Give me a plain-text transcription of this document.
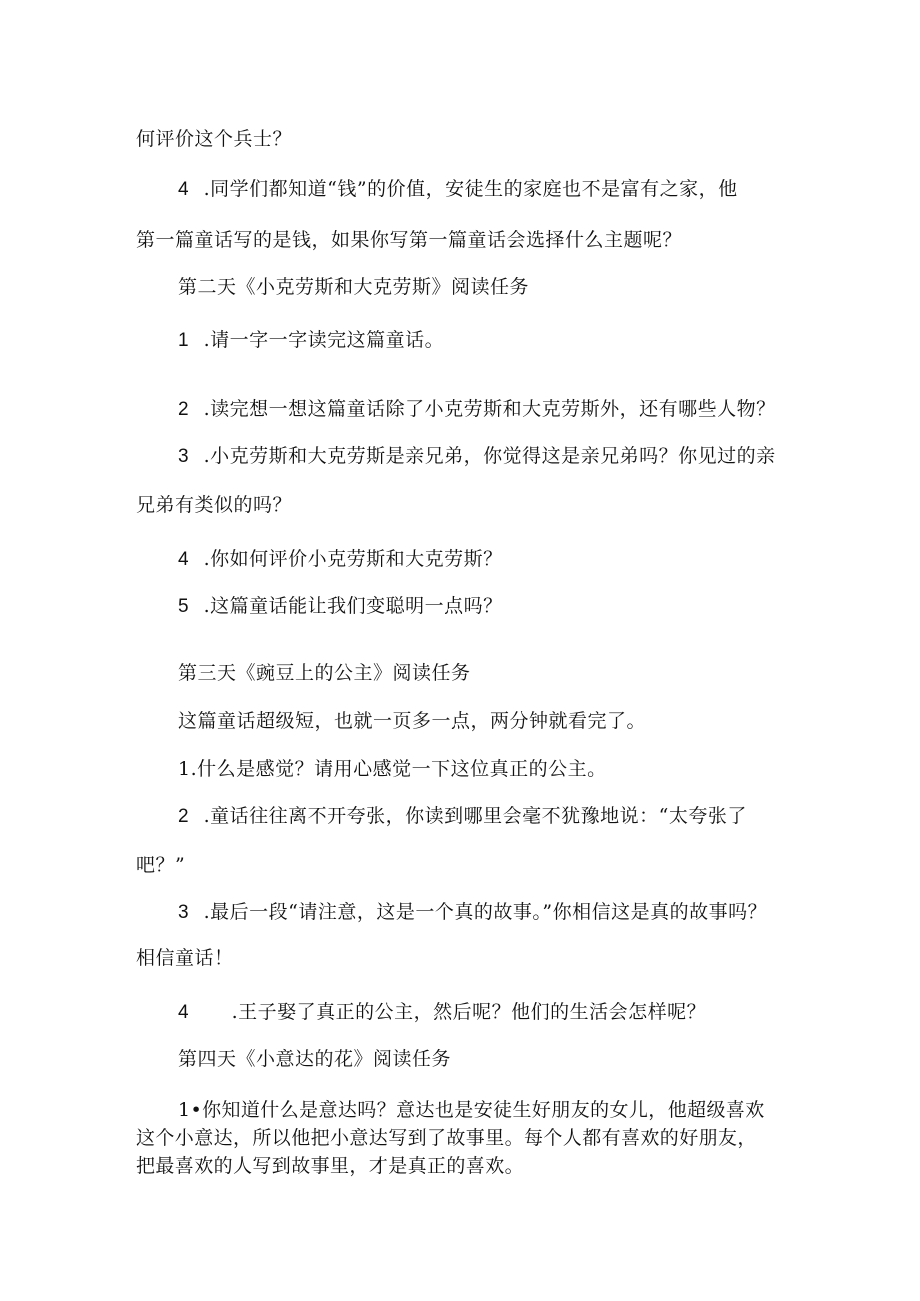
何评价这个兵士？
4 .同学们都知道“钱”的价值，安徒生的家庭也不是富有之家，他
第一篇童话写的是钱，如果你写第一篇童话会选择什么主题呢？
第二天《小克劳斯和大克劳斯》阅读任务
1 .请一字一字读完这篇童话。
2 .读完想一想这篇童话除了小克劳斯和大克劳斯外，还有哪些人物？
3 .小克劳斯和大克劳斯是亲兄弟，你觉得这是亲兄弟吗？你见过的亲
兄弟有类似的吗？
4 .你如何评价小克劳斯和大克劳斯？
5 .这篇童话能让我们变聪明一点吗？
第三天《豌豆上的公主》阅读任务
这篇童话超级短，也就一页多一点，两分钟就看完了。
1.什么是感觉？请用心感觉一下这位真正的公主。
2 .童话往往离不开夸张，你读到哪里会毫不犹豫地说：“太夸张了
吧？”
3 .最后一段“请注意，这是一个真的故事。”你相信这是真的故事吗？
相信童话！
4 .王子娶了真正的公主，然后呢？他们的生活会怎样呢？
第四天《小意达的花》阅读任务
1•你知道什么是意达吗？意达也是安徒生好朋友的女儿，他超级喜欢
这个小意达，所以他把小意达写到了故事里。每个人都有喜欢的好朋友，
把最喜欢的人写到故事里，才是真正的喜欢。
